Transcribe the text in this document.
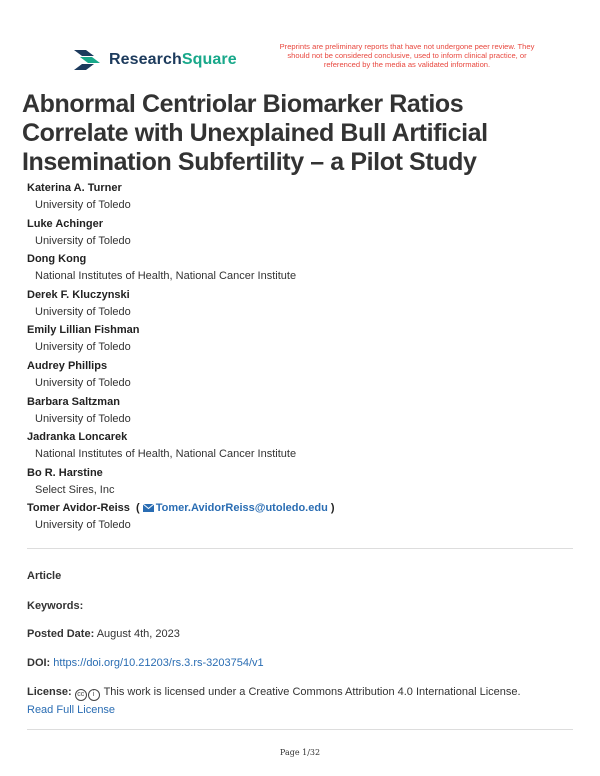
ResearchSquare
Preprints are preliminary reports that have not undergone peer review. They should not be considered conclusive, used to inform clinical practice, or referenced by the media as validated information.
Abnormal Centriolar Biomarker Ratios Correlate with Unexplained Bull Artificial Insemination Subfertility – a Pilot Study
Katerina A. Turner
University of Toledo
Luke Achinger
University of Toledo
Dong Kong
National Institutes of Health, National Cancer Institute
Derek F. Kluczynski
University of Toledo
Emily Lillian Fishman
University of Toledo
Audrey Phillips
University of Toledo
Barbara Saltzman
University of Toledo
Jadranka Loncarek
National Institutes of Health, National Cancer Institute
Bo R. Harstine
Select Sires, Inc
Tomer Avidor-Reiss  ( Tomer.AvidorReiss@utoledo.edu )
University of Toledo
Article
Keywords:
Posted Date: August 4th, 2023
DOI: https://doi.org/10.21203/rs.3.rs-3203754/v1
License: cc i This work is licensed under a Creative Commons Attribution 4.0 International License.
Read Full License
Page 1/32
